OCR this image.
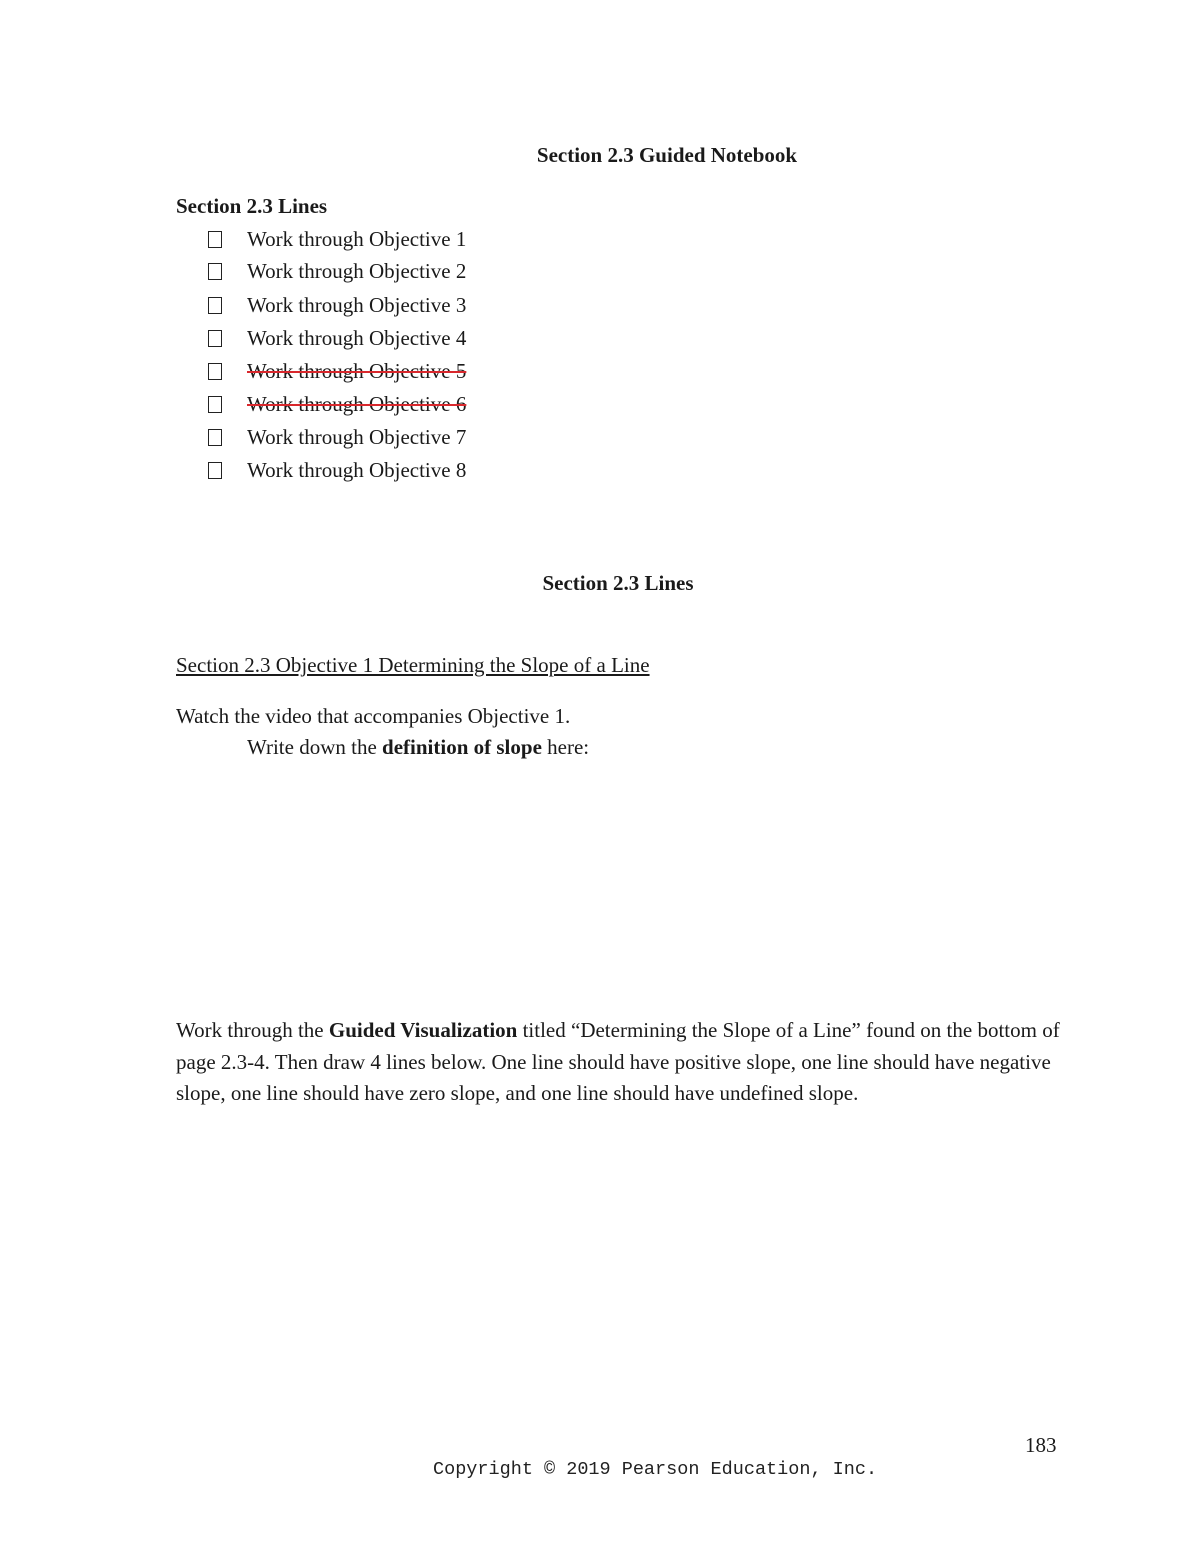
Section 2.3 Guided Notebook
Section 2.3 Lines
Work through Objective 1
Work through Objective 2
Work through Objective 3
Work through Objective 4
Work through Objective 5
Work through Objective 6
Work through Objective 7
Work through Objective 8
Section 2.3 Lines
Section 2.3 Objective 1 Determining the Slope of a Line
Watch the video that accompanies Objective 1.
Write down the definition of slope here:
Work through the Guided Visualization titled “Determining the Slope of a Line” found on the bottom of page 2.3-4. Then draw 4 lines below. One line should have positive slope, one line should have negative slope, one line should have zero slope, and one line should have undefined slope.
183
Copyright © 2019 Pearson Education, Inc.
